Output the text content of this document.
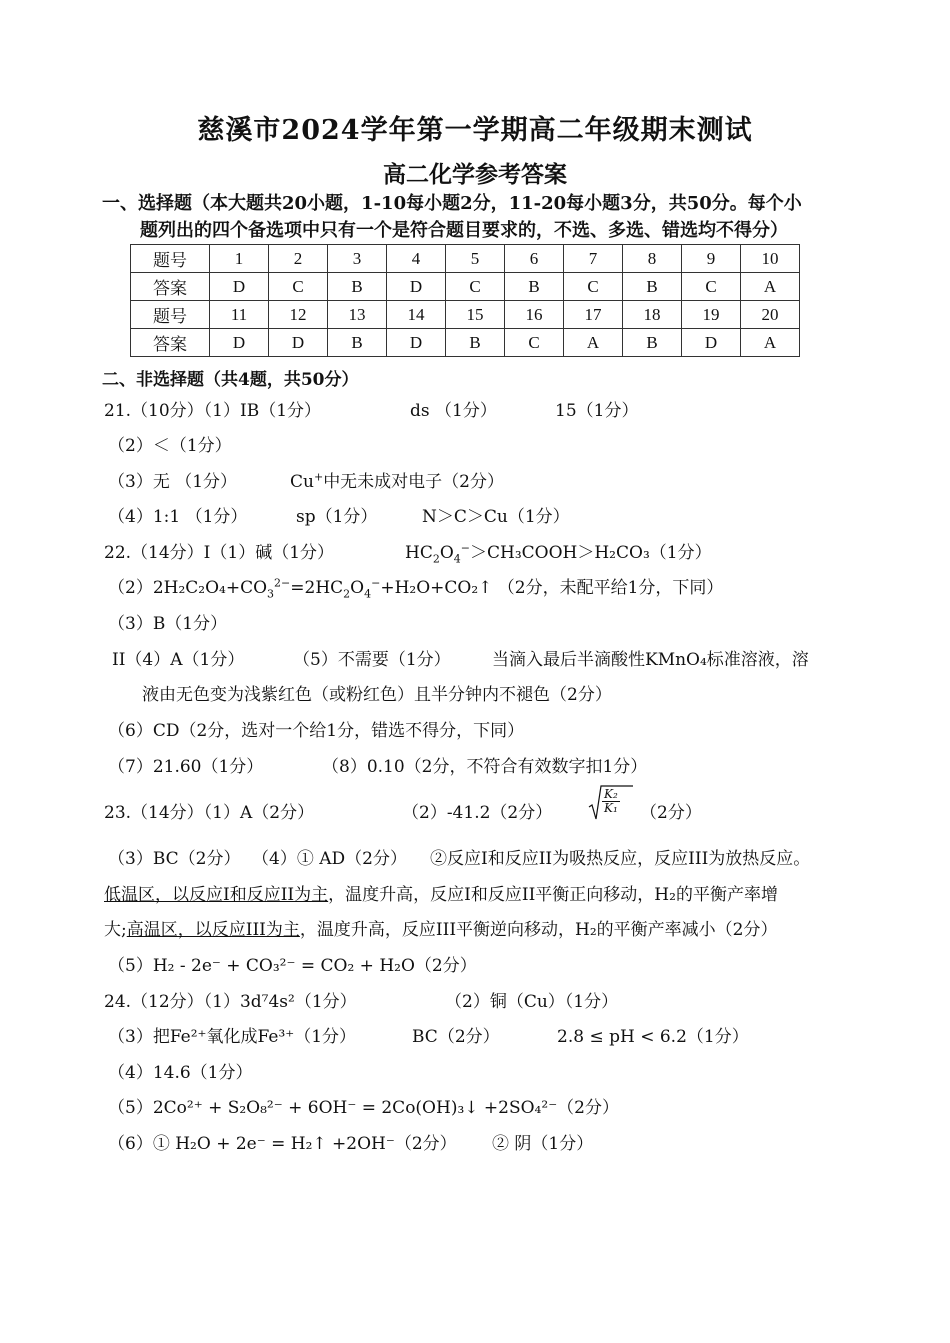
慈溪市2024学年第一学期高二年级期末测试
高二化学参考答案
一、选择题（本大题共20小题，1-10每小题2分，11-20每小题3分，共50分。每个小
题列出的四个备选项中只有一个是符合题目要求的，不选、多选、错选均不得分）
题号	1	2	3	4	5	6	7	8	9	10
答案	D	C	B	D	C	B	C	B	C	A
题号	11	12	13	14	15	16	17	18	19	20
答案	D	D	B	D	B	C	A	B	D	A
二、非选择题（共4题，共50分）
21.（10分）（1）IB（1分）	ds （1分）	15（1分）
（2）＜（1分）
（3）无 （1分）	Cu+中无未成对电子（2分）
（4）1:1 （1分）	sp（1分）	N＞C＞Cu（1分）
22.（14分）I（1）碱（1分）	$HC_2O_4^->CH_3COOH>H_2CO_3(1$分）
$(2)2H_2C_2O_4+CO_3^{2-}=2HC_2O_4^-+H_2O+CO_2↑$ （2分，未配平给1分，下同）
（3）B（1分）
II（4）A（1分）	（5）不需要（1分） 当滴入最后半滴酸性KMnO₄标准溶液，溶
液由无色变为浅紫红色（或粉红色）且半分钟内不褪色（2分）
（6）CD（2分，选对一个给1分，错选不得分，下同）
（7）21.60（1分）	（8）0.10（2分，不符合有效数字扣1分）
23.（14分）（1）A（2分）	（2）-41.2（2分）	$\frac{\text{K₂}}{\text{K₁}} (2$分）
（3）BC（2分） （4）① AD（2分） ②反应I和反应II为吸热反应，反应III为放热反应。
低温区，以反应I和反应II为主，温度升高，反应I和反应II平衡正向移动，H₂的平衡产率增
大;高温区，以反应III为主，温度升高，反应III平衡逆向移动，H₂的平衡产率减小（2分）
（5）H₂ - 2e⁻ + CO₃²⁻ = CO₂ + H₂O（2分）
24.（12分）（1）3d⁷4s²（1分）	（2）铜（Cu）（1分）
（3）把Fe²⁺氧化成Fe³⁺（1分）	BC（2分）	2.8 ≤ pH < 6.2（1分）
（4）14.6（1分）
（5）2Co²⁺ + S₂O₈²⁻ + 6OH⁻ = 2Co(OH)₃↓ +2SO₄²⁻（2分）
（6）① H₂O + 2e⁻ = H₂↑ +2OH⁻（2分） ② 阴（1分）
